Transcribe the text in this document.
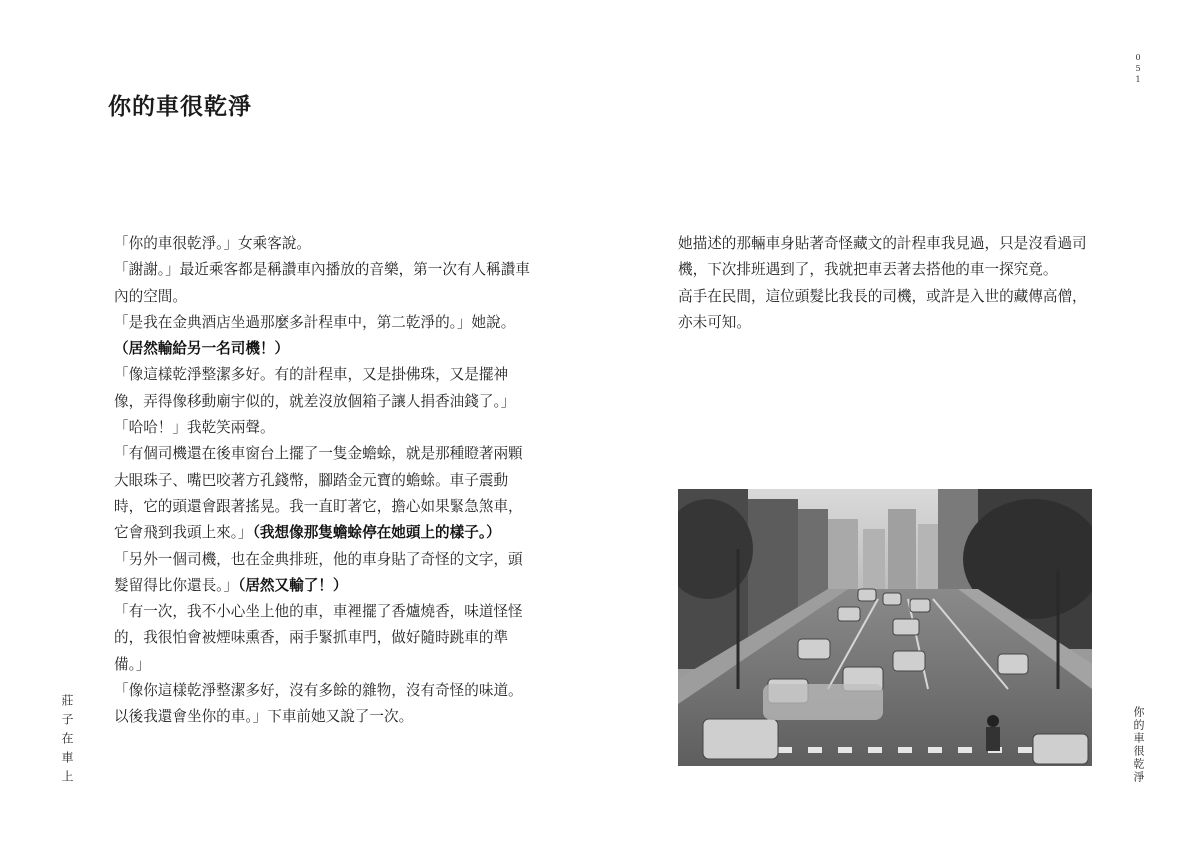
你的車很乾淨
051
莊子在車上	你的車很乾淨

「你的車很乾淨。」女乘客說。

「謝謝。」最近乘客都是稱讚車內播放的音樂，第一次有人稱讚車內的空間。

「是我在金典酒店坐過那麼多計程車中，第二乾淨的。」她說。

（居然輸給另一名司機！）

「像這樣乾淨整潔多好。有的計程車，又是掛佛珠，又是擺神像，弄得像移動廟宇似的，就差沒放個箱子讓人捐香油錢了。」

「哈哈！」我乾笑兩聲。

「有個司機還在後車窗台上擺了一隻金蟾蜍，就是那種瞪著兩顆大眼珠子、嘴巴咬著方孔錢幣，腳踏金元寶的蟾蜍。車子震動時，它的頭還會跟著搖晃。我一直盯著它，擔心如果緊急煞車，它會飛到我頭上來。」（我想像那隻蟾蜍停在她頭上的樣子。）

「另外一個司機，也在金典排班，他的車身貼了奇怪的文字，頭髮留得比你還長。」（居然又輸了！）

「有一次，我不小心坐上他的車，車裡擺了香爐燒香，味道怪怪的，我很怕會被煙味熏香，兩手緊抓車門，做好隨時跳車的準備。」

「像你這樣乾淨整潔多好，沒有多餘的雜物，沒有奇怪的味道。以後我還會坐你的車。」下車前她又說了一次。

她描述的那輛車身貼著奇怪藏文的計程車我見過，只是沒看過司機，下次排班遇到了，我就把車丟著去搭他的車一探究竟。

高手在民間，這位頭髮比我長的司機，或許是入世的藏傳高僧，亦未可知。
